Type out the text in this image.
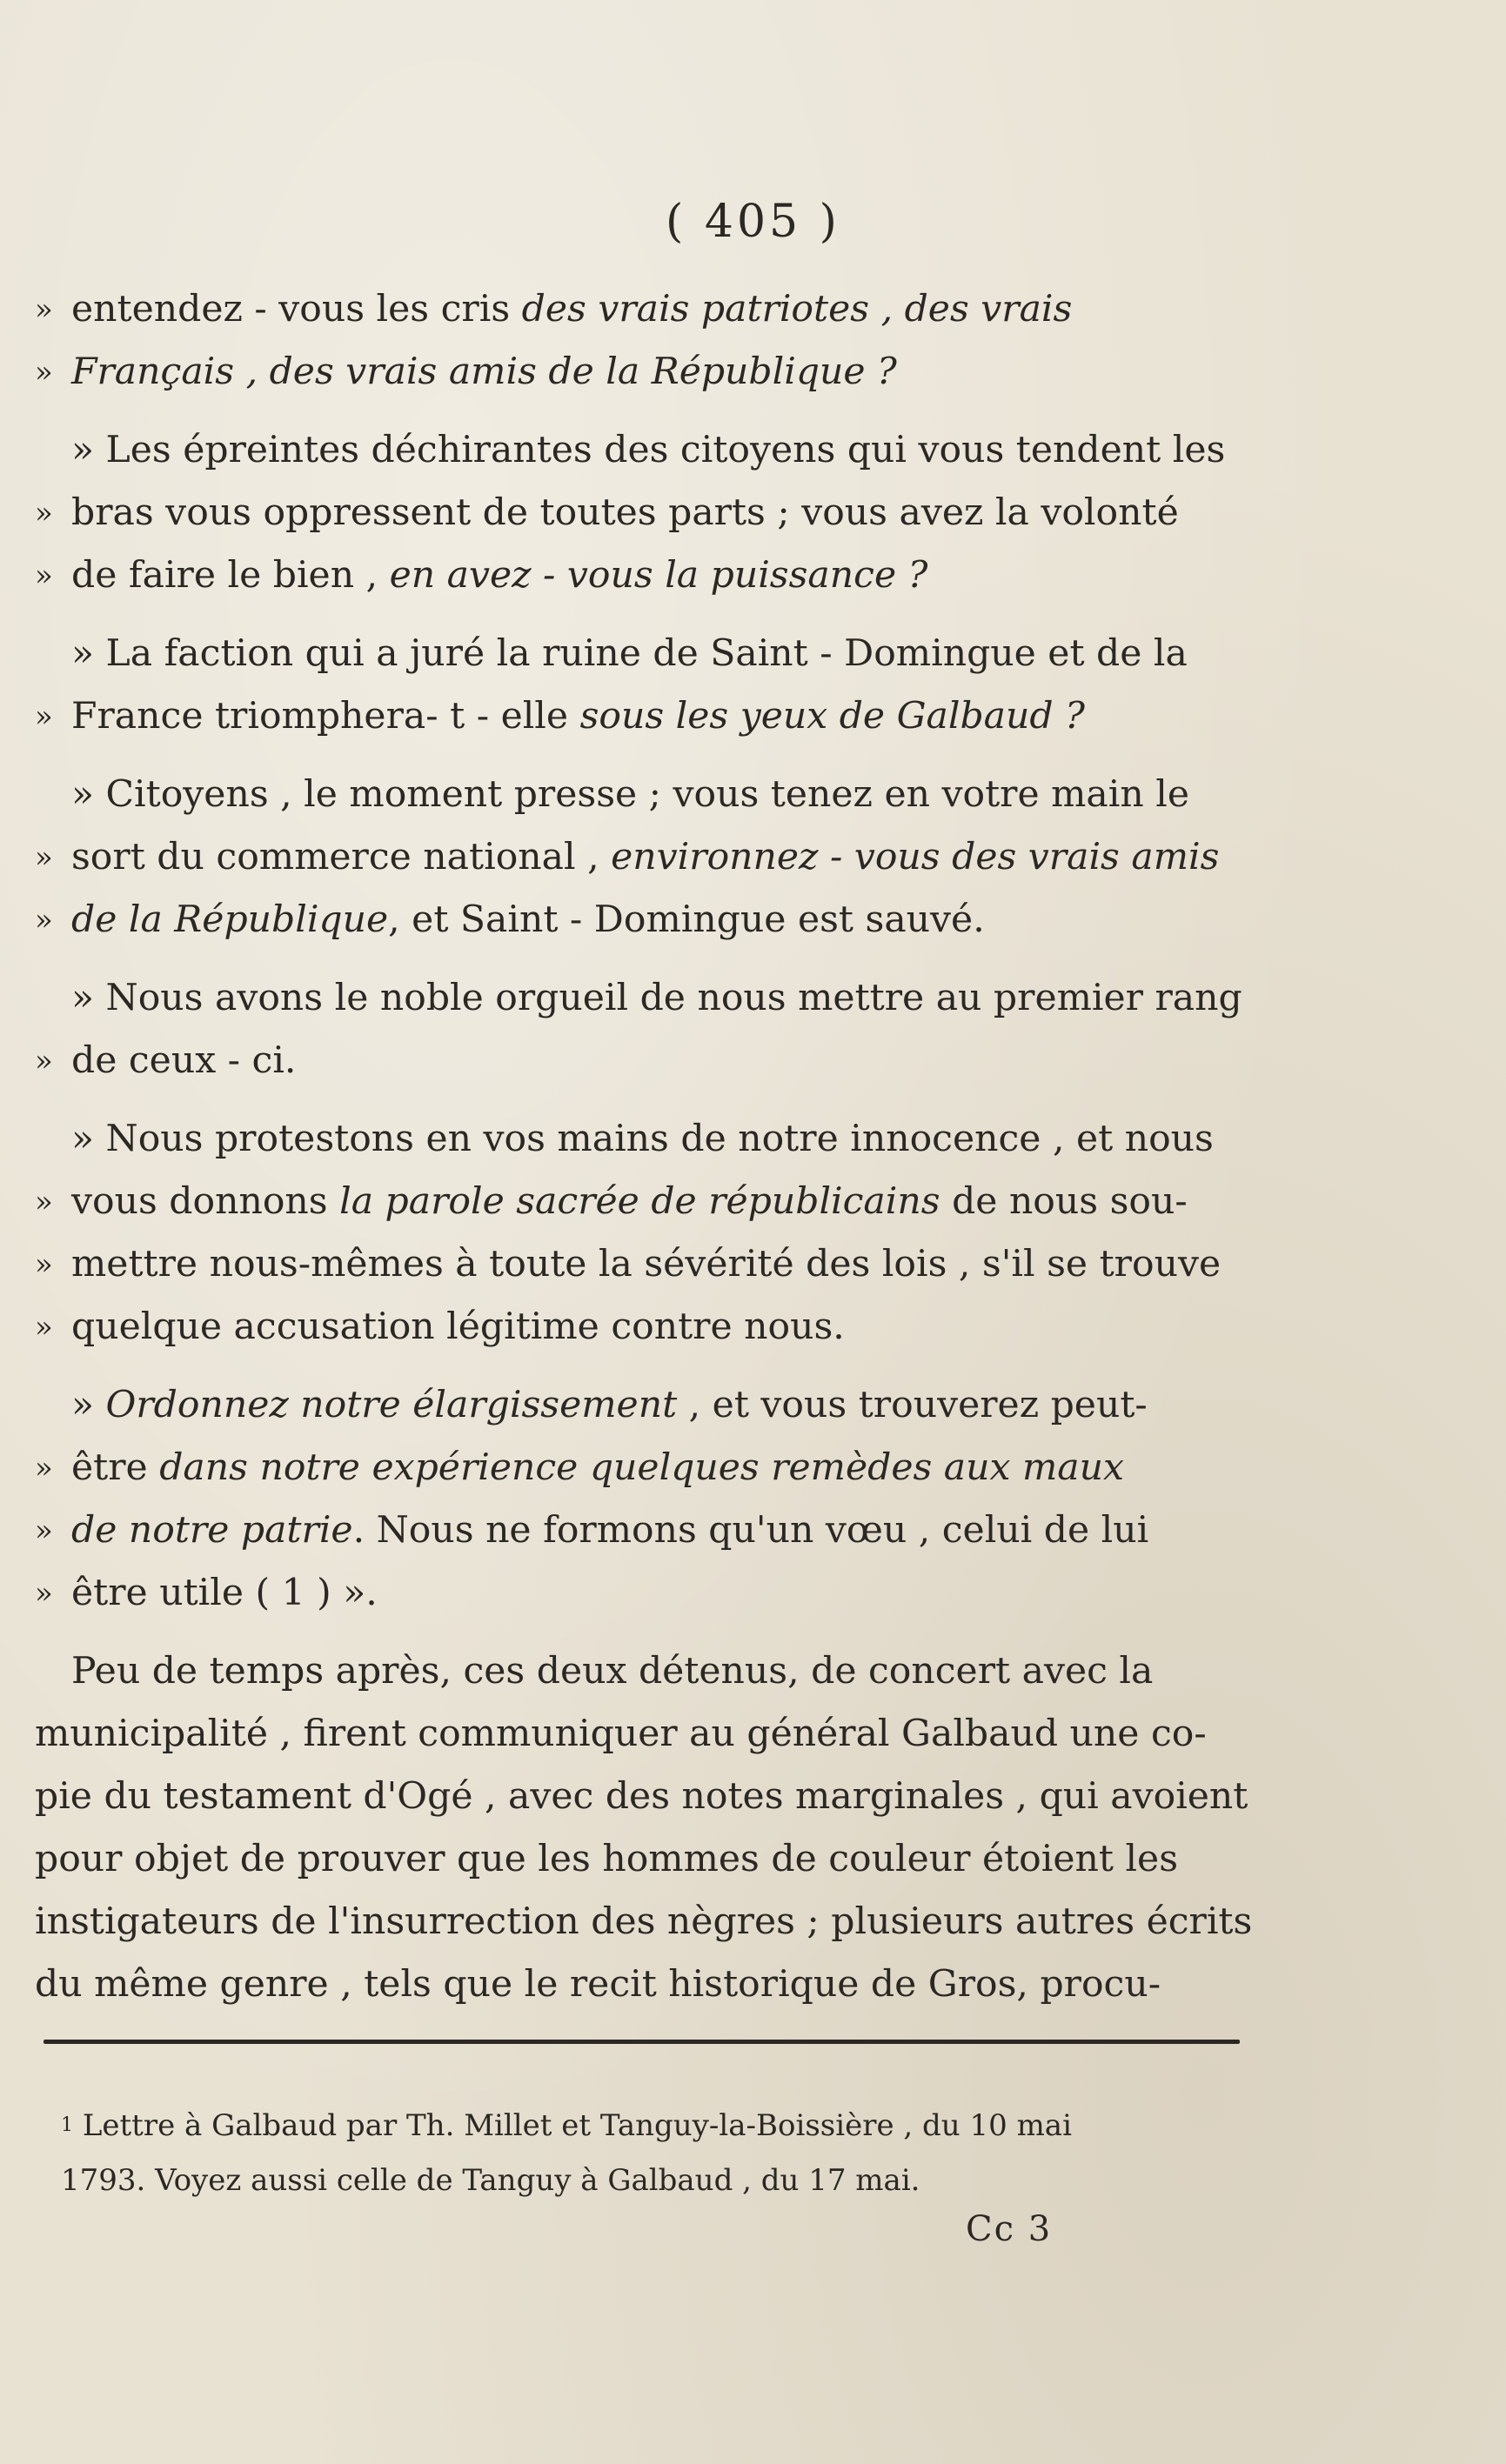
( 405 )
» entendez - vous les cris des vrais patriotes , des vrais
» Français , des vrais amis de la République ?
» Les épreintes déchirantes des citoyens qui vous tendent les
» bras vous oppressent de toutes parts ; vous avez la volonté
» de faire le bien , en avez - vous la puissance ?
» La faction qui a juré la ruine de Saint - Domingue et de la
» France triomphera- t - elle sous les yeux de Galbaud ?
» Citoyens , le moment presse ; vous tenez en votre main le
» sort du commerce national , environnez - vous des vrais amis
» de la République, et Saint - Domingue est sauvé.
» Nous avons le noble orgueil de nous mettre au premier rang
» de ceux - ci.
» Nous protestons en vos mains de notre innocence , et nous
» vous donnons la parole sacrée de républicains de nous sou-
» mettre nous-mêmes à toute la sévérité des lois , s'il se trouve
» quelque accusation légitime contre nous.
» Ordonnez notre élargissement , et vous trouverez peut-
» être dans notre expérience quelques remèdes aux maux
» de notre patrie. Nous ne formons qu'un vœu , celui de lui
» être utile ( 1 ) ».
Peu de temps après, ces deux détenus, de concert avec la
municipalité , firent communiquer au général Galbaud une co-
pie du testament d'Ogé , avec des notes marginales , qui avoient
pour objet de prouver que les hommes de couleur étoient les
instigateurs de l'insurrection des nègres ; plusieurs autres écrits
du même genre , tels que le recit historique de Gros, procu-
$^1$ Lettre à Galbaud par Th. Millet et Tanguy-la-Boissière , du 10 mai
1793. Voyez aussi celle de Tanguy à Galbaud , du 17 mai.
Cc 3
